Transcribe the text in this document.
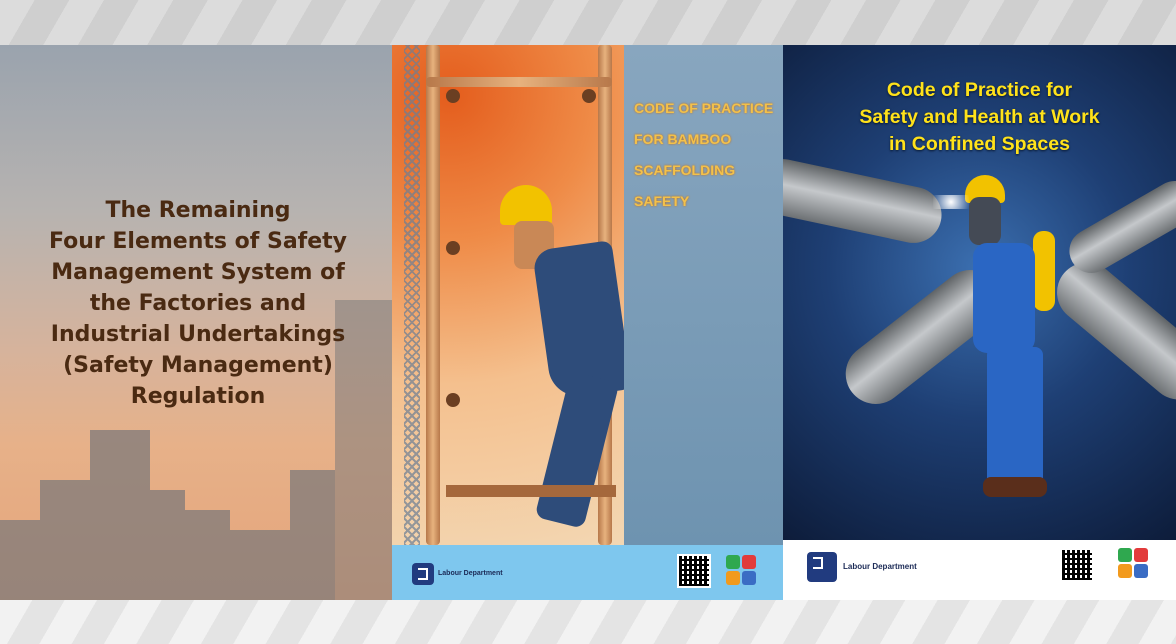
The Remaining
Four Elements of Safety
Management System of
the Factories and
Industrial Undertakings
(Safety Management)
Regulation
CODE OF PRACTICE
FOR BAMBOO
SCAFFOLDING
SAFETY
Labour Department
Code of Practice for
Safety and Health at Work
in Confined Spaces
Labour Department
